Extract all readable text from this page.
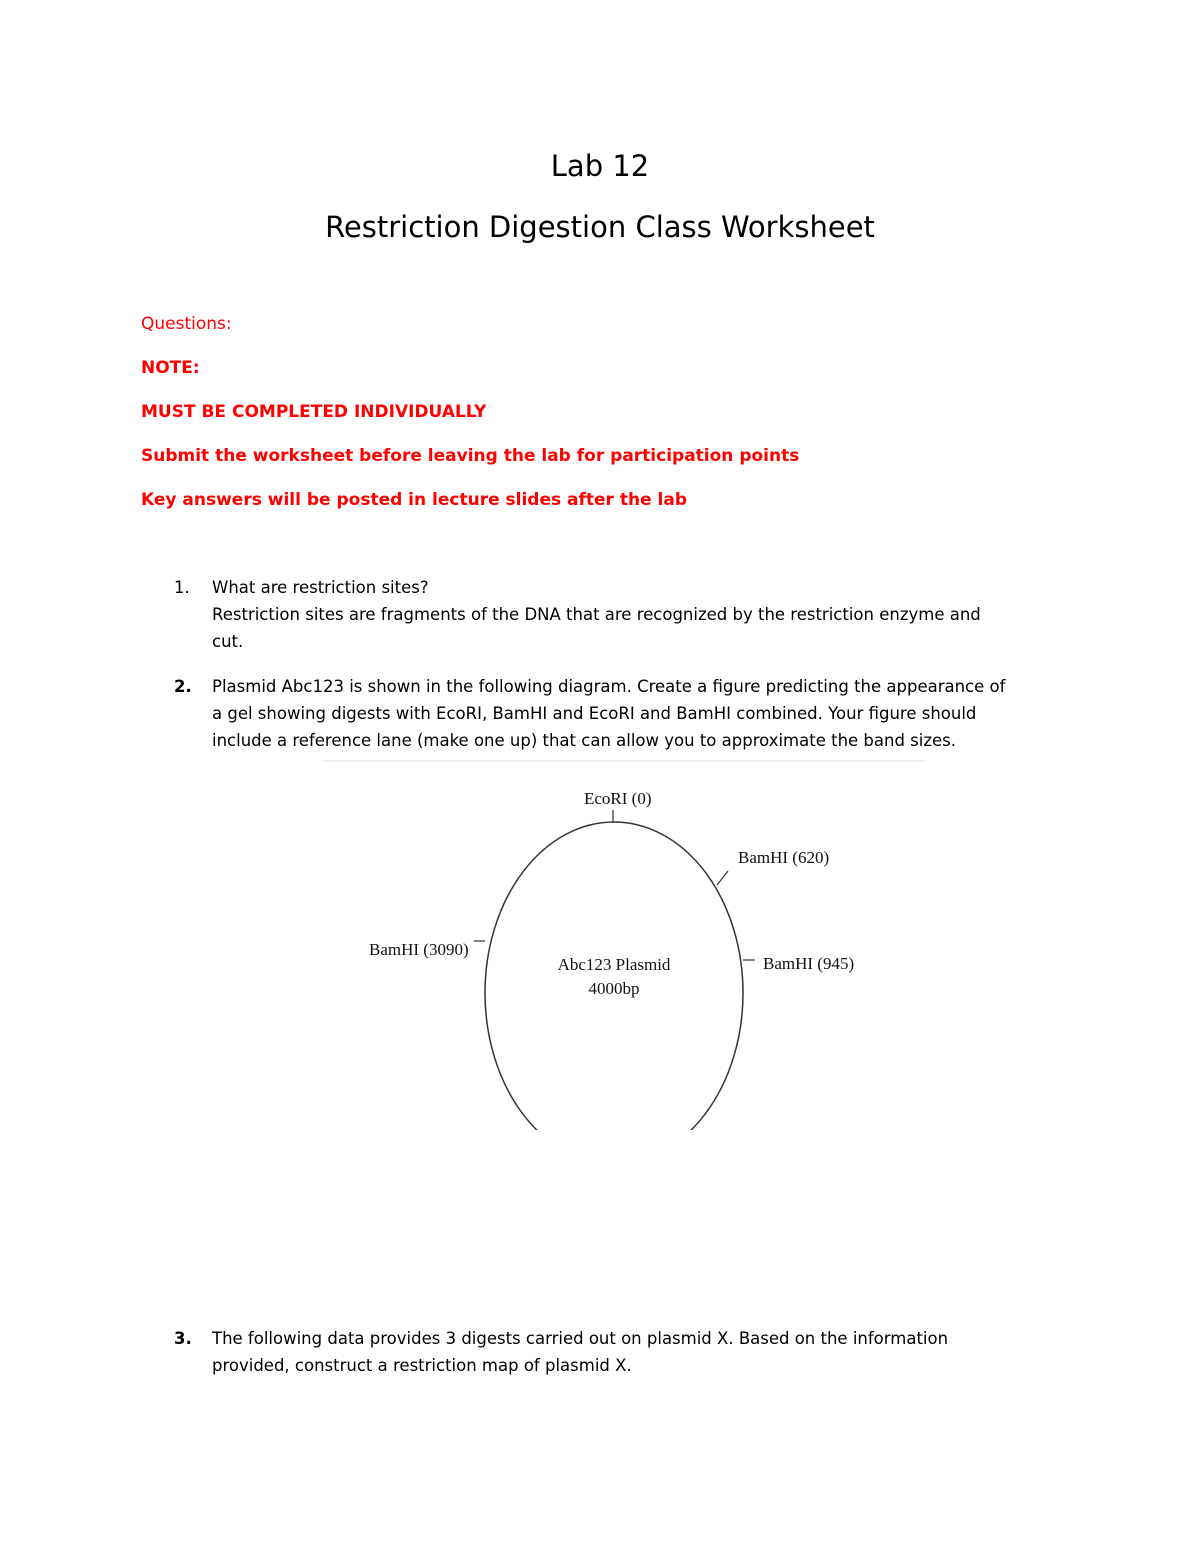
Lab 12
Restriction Digestion Class Worksheet
Questions:
NOTE:
MUST BE COMPLETED INDIVIDUALLY
Submit the worksheet before leaving the lab for participation points
Key answers will be posted in lecture slides after the lab
1. What are restriction sites?
Restriction sites are fragments of the DNA that are recognized by the restriction enzyme and
cut.
2. Plasmid Abc123 is shown in the following diagram. Create a figure predicting the appearance of
a gel showing digests with EcoRI, BamHI and EcoRI and BamHI combined. Your figure should
include a reference lane (make one up) that can allow you to approximate the band sizes.
EcoRI (0)
BamHI (620)
BamHI (945)
BamHI (3090)
Abc123 Plasmid
4000bp
3. The following data provides 3 digests carried out on plasmid X. Based on the information
provided, construct a restriction map of plasmid X.
